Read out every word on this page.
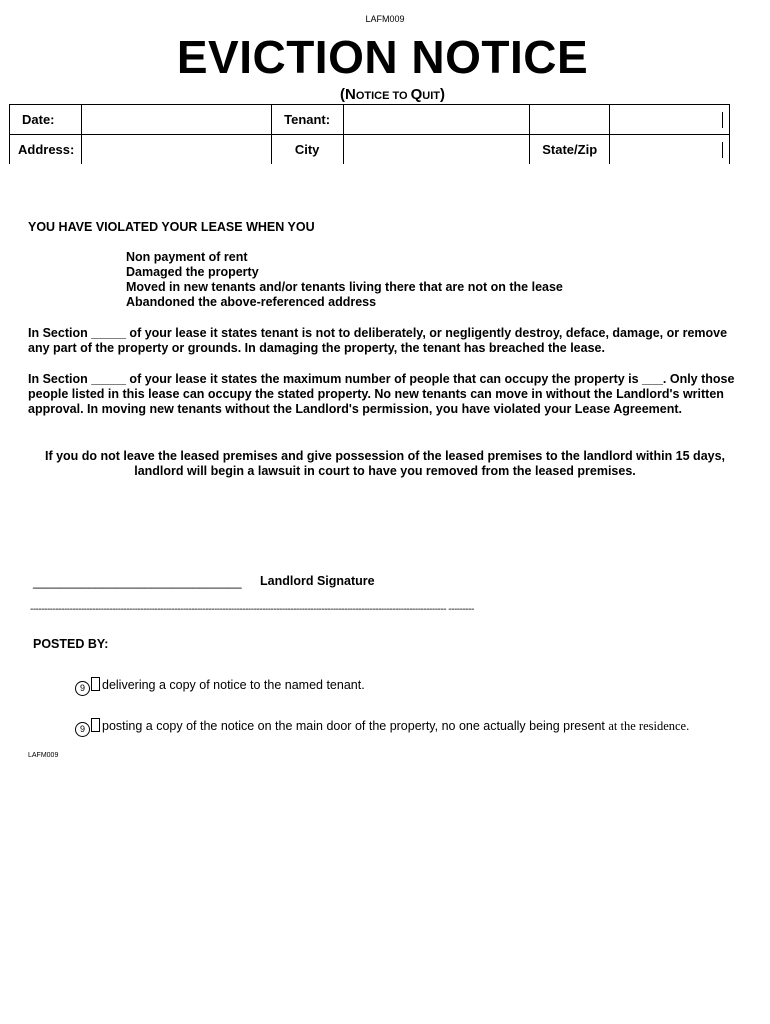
LAFM009
EVICTION NOTICE
(NOTICE TO QUIT)
Date:		Tenant:			

Address:		City		State/Zip	
YOU HAVE VIOLATED YOUR LEASE WHEN YOU
Non payment of rent
Damaged the property
Moved in new tenants and/or tenants living there that are not on the lease
Abandoned the above-referenced address
In Section _____ of your lease it states tenant is not to deliberately, or negligently destroy, deface, damage, or remove any part of the property or grounds. In damaging the property, the tenant has breached the lease.
In Section _____ of your lease it states the maximum number of people that can occupy the property is ___. Only those people listed in this lease can occupy the stated property. No new tenants can move in without the Landlord's written approval. In moving new tenants without the Landlord's permission, you have violated your Lease Agreement.
If you do not leave the leased premises and give possession of the leased premises to the landlord within 15 days, landlord will begin a lawsuit in court to have you removed from the leased premises.
______________________________ Landlord Signature
--------------------------------------------------------------------------------------------------------------------------------------------------- ---------
POSTED BY:
9 delivering a copy of notice to the named tenant.
9 posting a copy of the notice on the main door of the property, no one actually being present at the residence.
LAFM009
